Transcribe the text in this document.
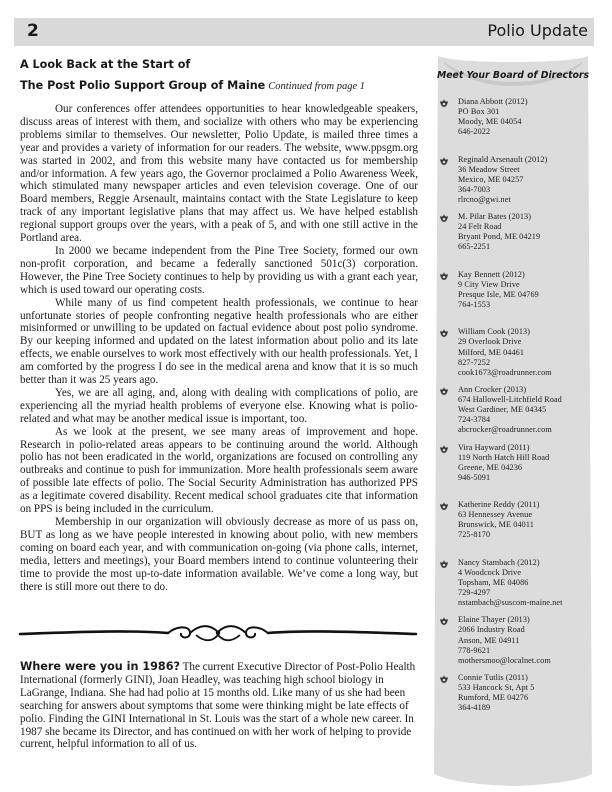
2	Polio Update
A Look Back at the Start of
The Post Polio Support Group of Maine Continued from page 1

Our conferences offer attendees opportunities to hear knowledgeable speakers, discuss areas of interest with them, and socialize with others who may be experiencing problems similar to themselves. Our newsletter, Polio Update, is mailed three times a year and provides a variety of information for our readers. The website, www.ppsgm.org was started in 2002, and from this website many have contacted us for membership and/or information. A few years ago, the Governor proclaimed a Polio Awareness Week, which stimulated many newspaper articles and even television coverage. One of our Board members, Reggie Arsenault, maintains contact with the State Legislature to keep track of any important legislative plans that may affect us. We have helped establish regional support groups over the years, with a peak of 5, and with one still active in the Portland area.

In 2000 we became independent from the Pine Tree Society, formed our own non-profit corporation, and became a federally sanctioned 501c(3) corporation. However, the Pine Tree Society continues to help by providing us with a grant each year, which is used toward our operating costs.

While many of us find competent health professionals, we continue to hear unfortunate stories of people confronting negative health professionals who are either misinformed or unwilling to be updated on factual evidence about post polio syndrome. By our keeping informed and updated on the latest information about polio and its late effects, we enable ourselves to work most effectively with our health professionals. Yet, I am comforted by the progress I do see in the medical arena and know that it is so much better than it was 25 years ago.

Yes, we are all aging, and, along with dealing with complications of polio, are experiencing all the myriad health problems of everyone else. Knowing what is polio-related and what may be another medical issue is important, too.

As we look at the present, we see many areas of improvement and hope. Research in polio-related areas appears to be continuing around the world. Although polio has not been eradicated in the world, organizations are focused on controlling any outbreaks and continue to push for immunization. More health professionals seem aware of possible late effects of polio. The Social Security Administration has authorized PPS as a legitimate covered disability. Recent medical school graduates cite that information on PPS is being included in the curriculum.

Membership in our organization will obviously decrease as more of us pass on, BUT as long as we have people interested in knowing about polio, with new members coming on board each year, and with communication on-going (via phone calls, internet, media, letters and meetings), your Board members intend to continue volunteering their time to provide the most up-to-date information available. We’ve come a long way, but there is still more out there to do.

Where were you in 1986? The current Executive Director of Post-Polio Health International (formerly GINI), Joan Headley, was teaching high school biology in LaGrange, Indiana. She had had polio at 15 months old. Like many of us she had been searching for answers about symptoms that some were thinking might be late effects of polio. Finding the GINI International in St. Louis was the start of a whole new career. In 1987 she became its Director, and has continued on with her work of helping to provide current, helpful information to all of us.
Meet Your Board of Directors
Diana Abbott (2012)
PO Box 301
Moody, ME 04054
646-2022
Reginald Arsenault (2012)
36 Meadow Street
Mexico, ME 04257
364-7003
rlrcno@gwi.net
M. Pilar Bates (2013)
24 Felt Road
Bryant Pond, ME 04219
665-2251
Kay Bennett (2012)
9 City View Drive
Presque Isle, ME 04769
764-1553
William Cook (2013)
29 Overlook Drive
Milford, ME 04461
827-7252
cook1673@roadrunner.com
Ann Crocker (2013)
674 Hallowell-Litchfield Road
West Gardiner, ME 04345
724-3784
abcrocker@roadrunner.com
Vira Hayward (2011)
119 North Hatch Hill Road
Greene, ME 04236
946-5091
Katherine Reddy (2011)
63 Hennessey Avenue
Brunswick, ME 04011
725-8170
Nancy Stambach (2012)
4 Woodcock Drive
Topsham, ME 04086
729-4297
nstambach@suscom-maine.net
Elaine Thayer (2013)
2066 Industry Road
Anson, ME 04911
778-9621
mothersmoo@localnet.com
Connie Tutlis (2011)
533 Hancock St, Apt 5
Rumford, ME 04276
364-4189
